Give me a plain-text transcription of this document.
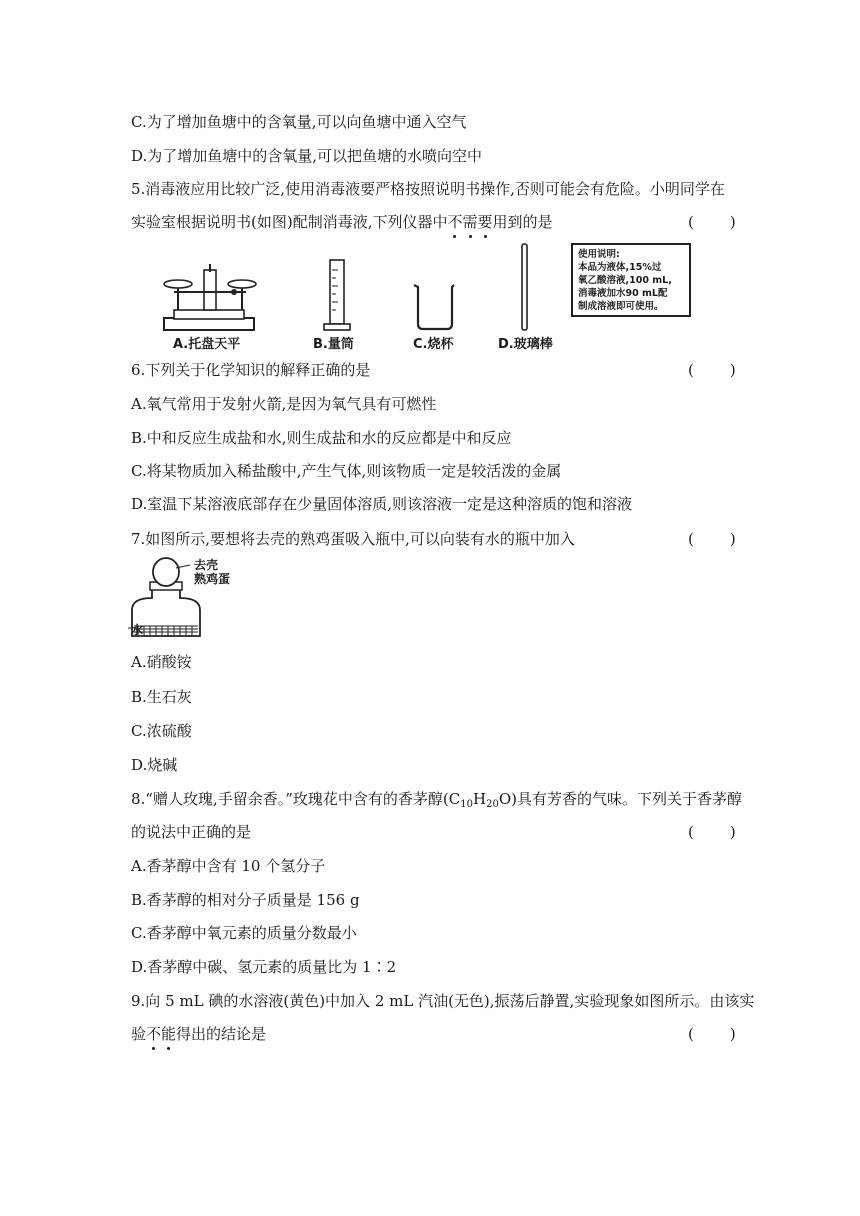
C.为了增加鱼塘中的含氧量,可以向鱼塘中通入空气
D.为了增加鱼塘中的含氧量,可以把鱼塘的水喷向空中
5.消毒液应用比较广泛,使用消毒液要严格按照说明书操作,否则可能会有危险。小明同学在
实验室根据说明书(如图)配制消毒液,下列仪器中不需要用到的是	(　　)
A.托盘天平	B.量筒	C.烧杯	D.玻璃棒
使用说明:
本品为液体,15%过
氧乙酸溶液,100 mL,
消毒液加水90 mL配
制成溶液即可使用。
6.下列关于化学知识的解释正确的是	(　　)
A.氧气常用于发射火箭,是因为氧气具有可燃性
B.中和反应生成盐和水,则生成盐和水的反应都是中和反应
C.将某物质加入稀盐酸中,产生气体,则该物质一定是较活泼的金属
D.室温下某溶液底部存在少量固体溶质,则该溶液一定是这种溶质的饱和溶液
7.如图所示,要想将去壳的熟鸡蛋吸入瓶中,可以向装有水的瓶中加入	(　　)
去壳
熟鸡蛋
水
A.硝酸铵
B.生石灰
C.浓硫酸
D.烧碱
8.“赠人玫瑰,手留余香。”玫瑰花中含有的香茅醇$(C_{10}H_{20}O)$具有芳香的气味。下列关于香茅醇
的说法中正确的是	(　　)
A.香茅醇中含有 10 个氢分子
B.香茅醇的相对分子质量是 156 g
C.香茅醇中氧元素的质量分数最小
D.香茅醇中碳、氢元素的质量比为 1∶2
9.向 5 mL 碘的水溶液(黄色)中加入 2 mL 汽油(无色),振荡后静置,实验现象如图所示。由该实
验不能得出的结论是	(　　)
